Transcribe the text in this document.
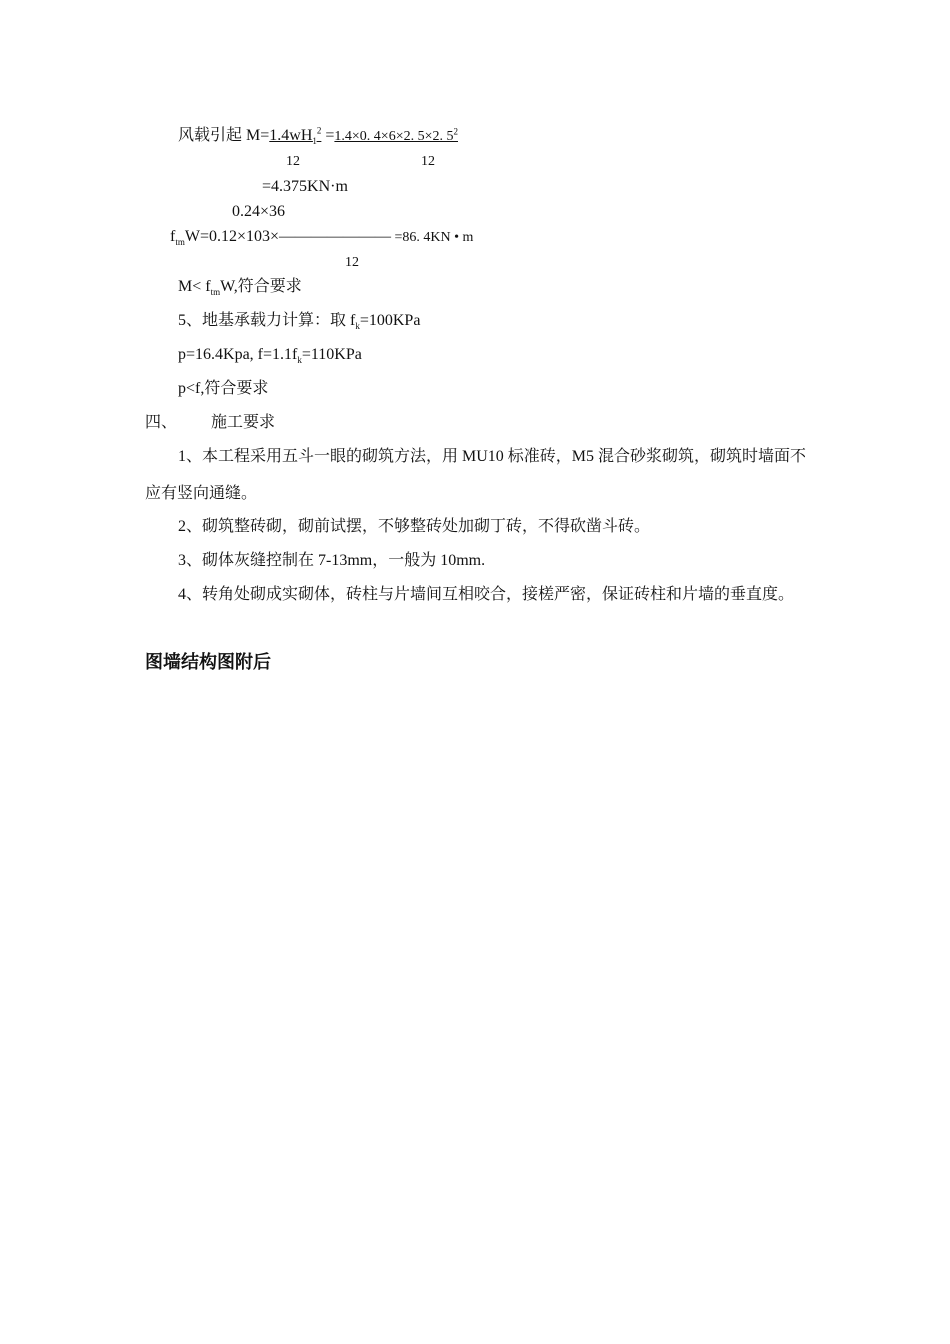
风载引起 $M=1.4wH_1^2 =1.4\times 0$. 4×6×2. 5×2. $5^2$
12	12
=4.375KN·m
0.24×36
$f_{tm}W=0.12\times 103\times——————— =86$. 4KN • m
12
$M< f_{tm}W$,符合要求
5、地基承载力计算：取 $f_k=100KPa$
p=16.4Kpa, $f=1.1f_k=110KPa$
p<f,符合要求
四、 施工要求
1、本工程采用五斗一眼的砌筑方法，用 MU10 标准砖，M5 混合砂浆砌筑，砌筑时墙面不
应有竖向通缝。
2、砌筑整砖砌，砌前试摆，不够整砖处加砌丁砖，不得砍凿斗砖。
3、砌体灰缝控制在 7-13mm，一般为 10mm.
4、转角处砌成实砌体，砖柱与片墙间互相咬合，接槎严密，保证砖柱和片墙的垂直度。
图墙结构图附后
